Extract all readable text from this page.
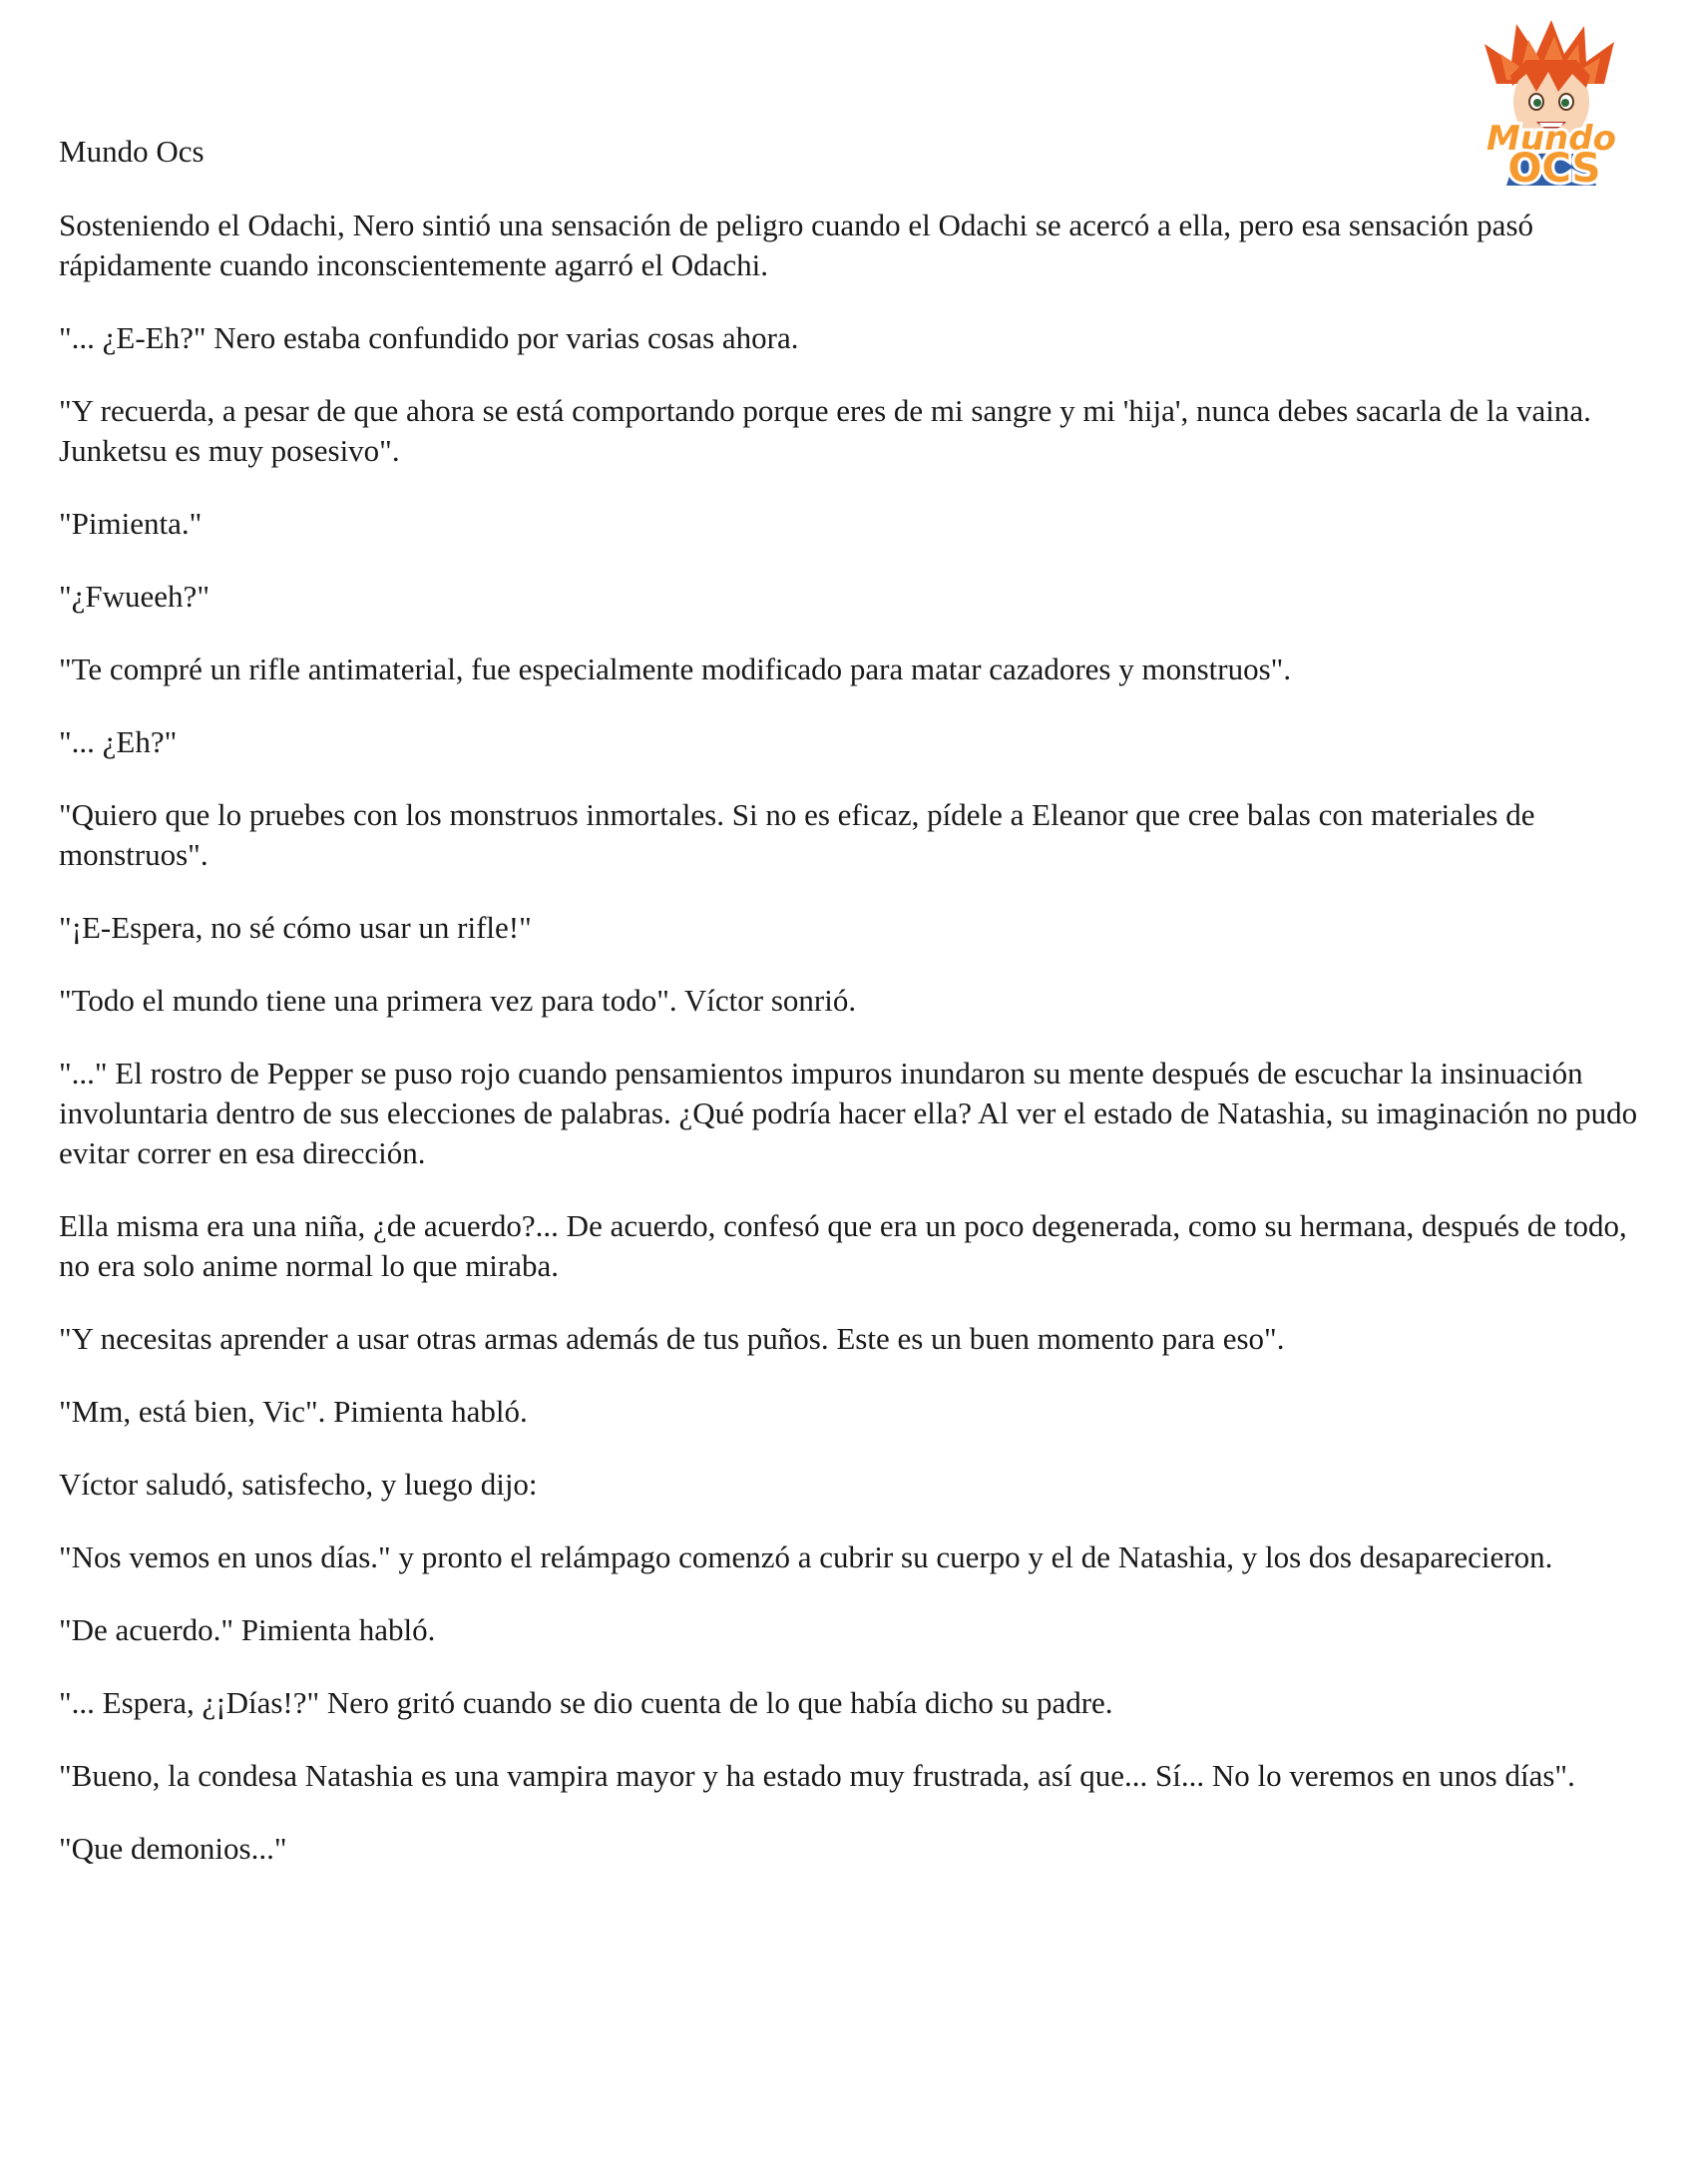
Mundo Ocs	Mundo
OCS

Sosteniendo el Odachi, Nero sintió una sensación de peligro cuando el Odachi se acercó a ella, pero esa sensación pasó rápidamente cuando inconscientemente agarró el Odachi.

"... ¿E-Eh?" Nero estaba confundido por varias cosas ahora.

"Y recuerda, a pesar de que ahora se está comportando porque eres de mi sangre y mi 'hija', nunca debes sacarla de la vaina. Junketsu es muy posesivo".

"Pimienta."

"¿Fwueeh?"

"Te compré un rifle antimaterial, fue especialmente modificado para matar cazadores y monstruos".

"... ¿Eh?"

"Quiero que lo pruebes con los monstruos inmortales. Si no es eficaz, pídele a Eleanor que cree balas con materiales de monstruos".

"¡E-Espera, no sé cómo usar un rifle!"

"Todo el mundo tiene una primera vez para todo". Víctor sonrió.

"..." El rostro de Pepper se puso rojo cuando pensamientos impuros inundaron su mente después de escuchar la insinuación involuntaria dentro de sus elecciones de palabras. ¿Qué podría hacer ella? Al ver el estado de Natashia, su imaginación no pudo evitar correr en esa dirección.

Ella misma era una niña, ¿de acuerdo?... De acuerdo, confesó que era un poco degenerada, como su hermana, después de todo, no era solo anime normal lo que miraba.

"Y necesitas aprender a usar otras armas además de tus puños. Este es un buen momento para eso".

"Mm, está bien, Vic". Pimienta habló.

Víctor saludó, satisfecho, y luego dijo:

"Nos vemos en unos días." y pronto el relámpago comenzó a cubrir su cuerpo y el de Natashia, y los dos desaparecieron.

"De acuerdo." Pimienta habló.

"... Espera, ¿¡Días!?" Nero gritó cuando se dio cuenta de lo que había dicho su padre.

"Bueno, la condesa Natashia es una vampira mayor y ha estado muy frustrada, así que... Sí... No lo veremos en unos días".

"Que demonios..."
